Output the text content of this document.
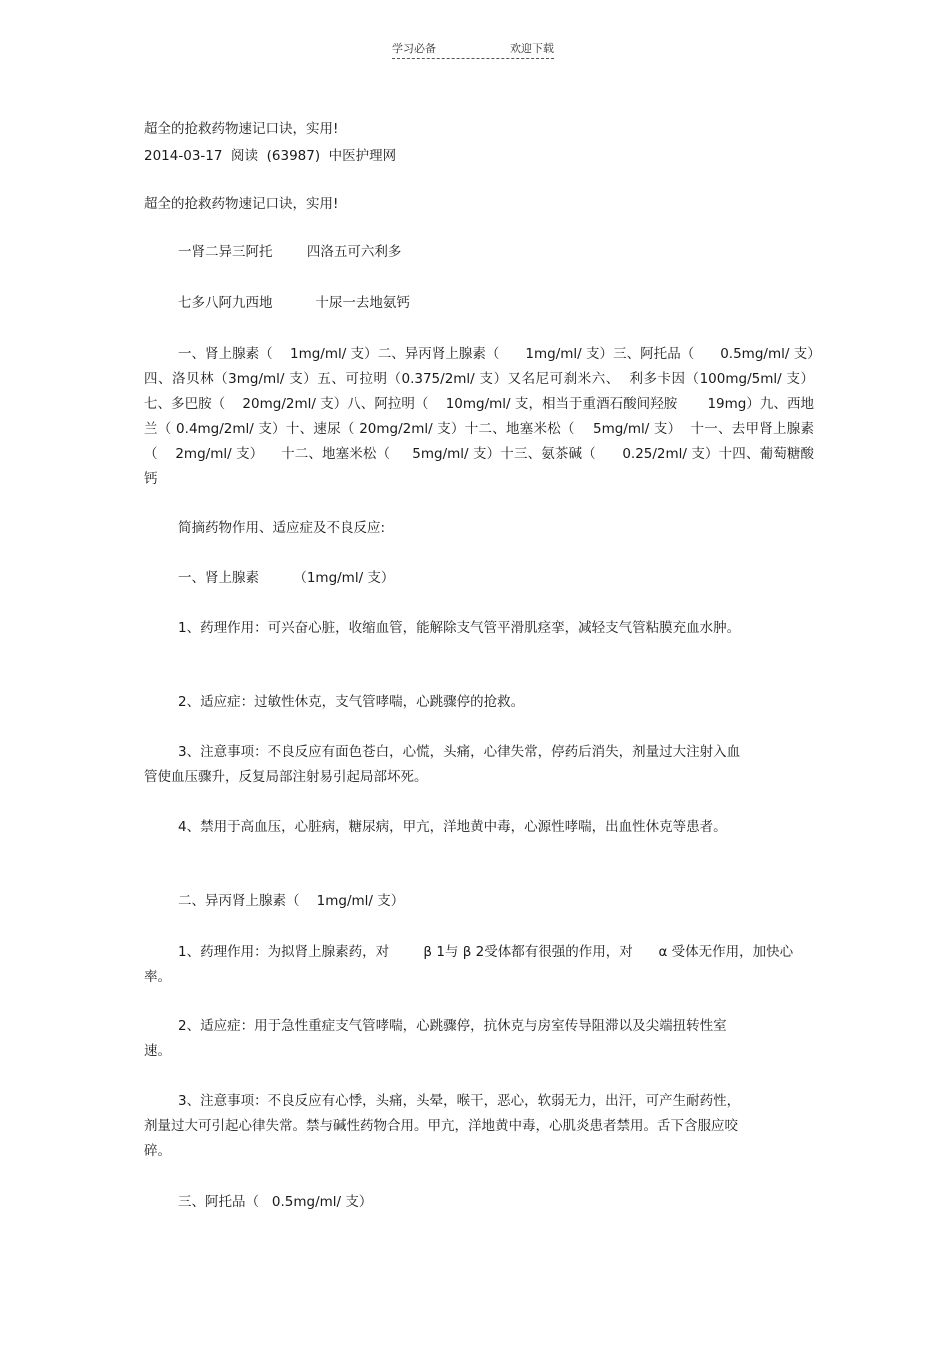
学习必备	欢迎下载

超全的抢救药物速记口诀，实用!

2014-03-17  阅读  (63987)  中医护理网

超全的抢救药物速记口诀，实用!

一肾二异三阿托        四洛五可六利多

七多八阿九西地          十尿一去地氨钙

一、肾上腺素（    1mg/ml/ 支）二、异丙肾上腺素（      1mg/ml/ 支）三、阿托品（      0.5mg/ml/ 支）四、洛贝林（3mg/ml/ 支）五、可拉明（0.375/2ml/ 支）又名尼可刹米六、  利多卡因（100mg/5ml/ 支）七、多巴胺（    20mg/2ml/ 支）八、阿拉明（    10mg/ml/ 支，相当于重酒石酸间羟胺       19mg）九、西地兰（ 0.4mg/2ml/ 支）十、速尿（ 20mg/2ml/ 支）十二、地塞米松（    5mg/ml/ 支）  十一、去甲肾上腺素（    2mg/ml/ 支）    十二、地塞米松（     5mg/ml/ 支）十三、氨茶碱（      0.25/2ml/ 支）十四、葡萄糖酸钙

简摘药物作用、适应症及不良反应:

一、肾上腺素        （1mg/ml/ 支）

1、药理作用：可兴奋心脏，收缩血管，能解除支气管平滑肌痉挛，减轻支气管粘膜充血水肿。

2、适应症：过敏性休克，支气管哮喘，心跳骤停的抢救。

3、注意事项：不良反应有面色苍白，心慌，头痛，心律失常，停药后消失，剂量过大注射入血管使血压骤升，反复局部注射易引起局部坏死。

4、禁用于高血压，心脏病，糖尿病，甲亢，洋地黄中毒，心源性哮喘，出血性休克等患者。

二、异丙肾上腺素（    1mg/ml/ 支）

1、药理作用：为拟肾上腺素药，对        β 1与 β 2受体都有很强的作用，对      α 受体无作用，加快心率。

2、适应症：用于急性重症支气管哮喘，心跳骤停，抗休克与房室传导阻滞以及尖端扭转性室速。

3、注意事项：不良反应有心悸，头痛，头晕，喉干，恶心，软弱无力，出汗，可产生耐药性，剂量过大可引起心律失常。禁与碱性药物合用。甲亢，洋地黄中毒，心肌炎患者禁用。舌下含服应咬碎。

三、阿托品（   0.5mg/ml/ 支）
